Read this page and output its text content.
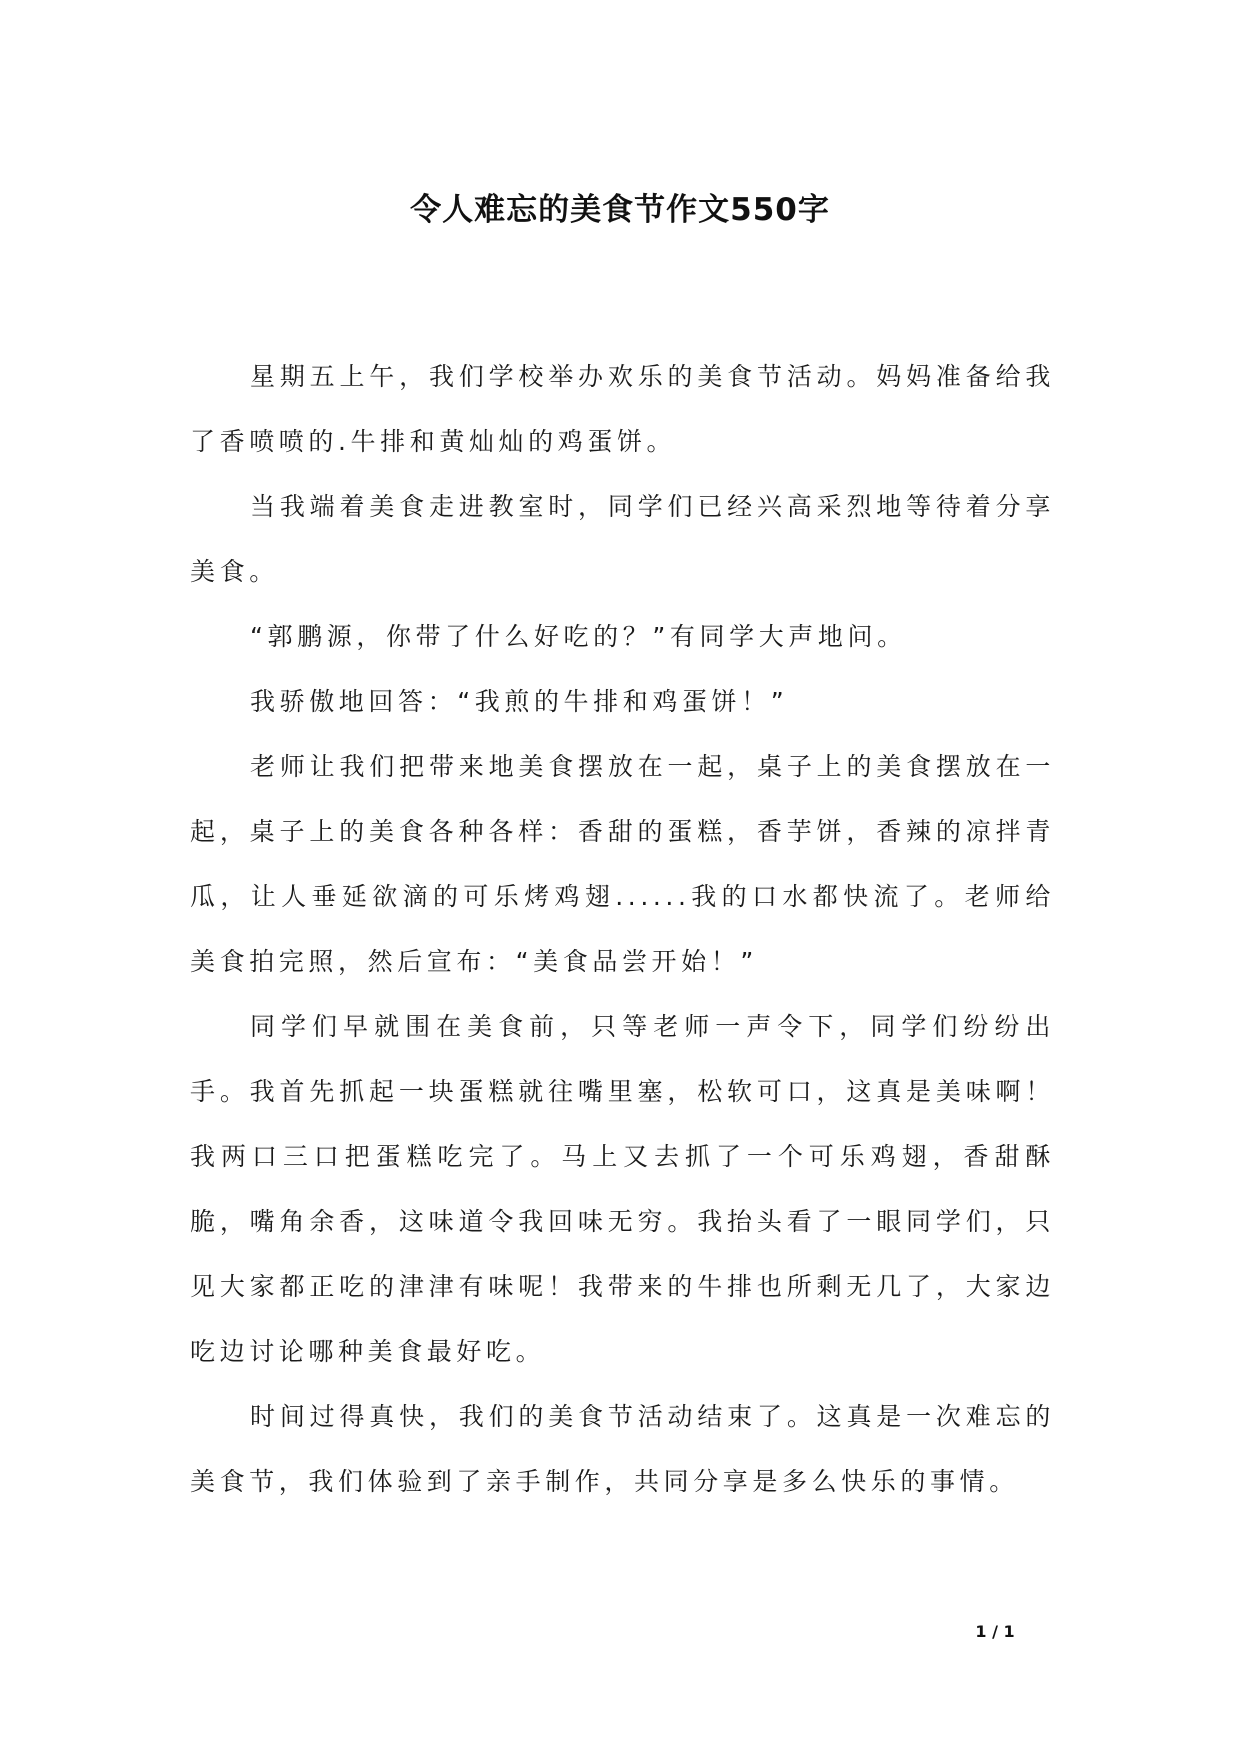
令人难忘的美食节作文550字

星期五上午，我们学校举办欢乐的美食节活动。妈妈准备给我了香喷喷的.牛排和黄灿灿的鸡蛋饼。

当我端着美食走进教室时，同学们已经兴高采烈地等待着分享美食。

“郭鹏源，你带了什么好吃的？”有同学大声地问。

我骄傲地回答：“我煎的牛排和鸡蛋饼！”

老师让我们把带来地美食摆放在一起，桌子上的美食摆放在一起，桌子上的美食各种各样：香甜的蛋糕，香芋饼，香辣的凉拌青瓜，让人垂延欲滴的可乐烤鸡翅......我的口水都快流了。老师给美食拍完照，然后宣布：“美食品尝开始！”

同学们早就围在美食前，只等老师一声令下，同学们纷纷出手。我首先抓起一块蛋糕就往嘴里塞，松软可口，这真是美味啊！我两口三口把蛋糕吃完了。马上又去抓了一个可乐鸡翅，香甜酥脆，嘴角余香，这味道令我回味无穷。我抬头看了一眼同学们，只见大家都正吃的津津有味呢！我带来的牛排也所剩无几了，大家边吃边讨论哪种美食最好吃。

时间过得真快，我们的美食节活动结束了。这真是一次难忘的美食节，我们体验到了亲手制作，共同分享是多么快乐的事情。

1 / 1
